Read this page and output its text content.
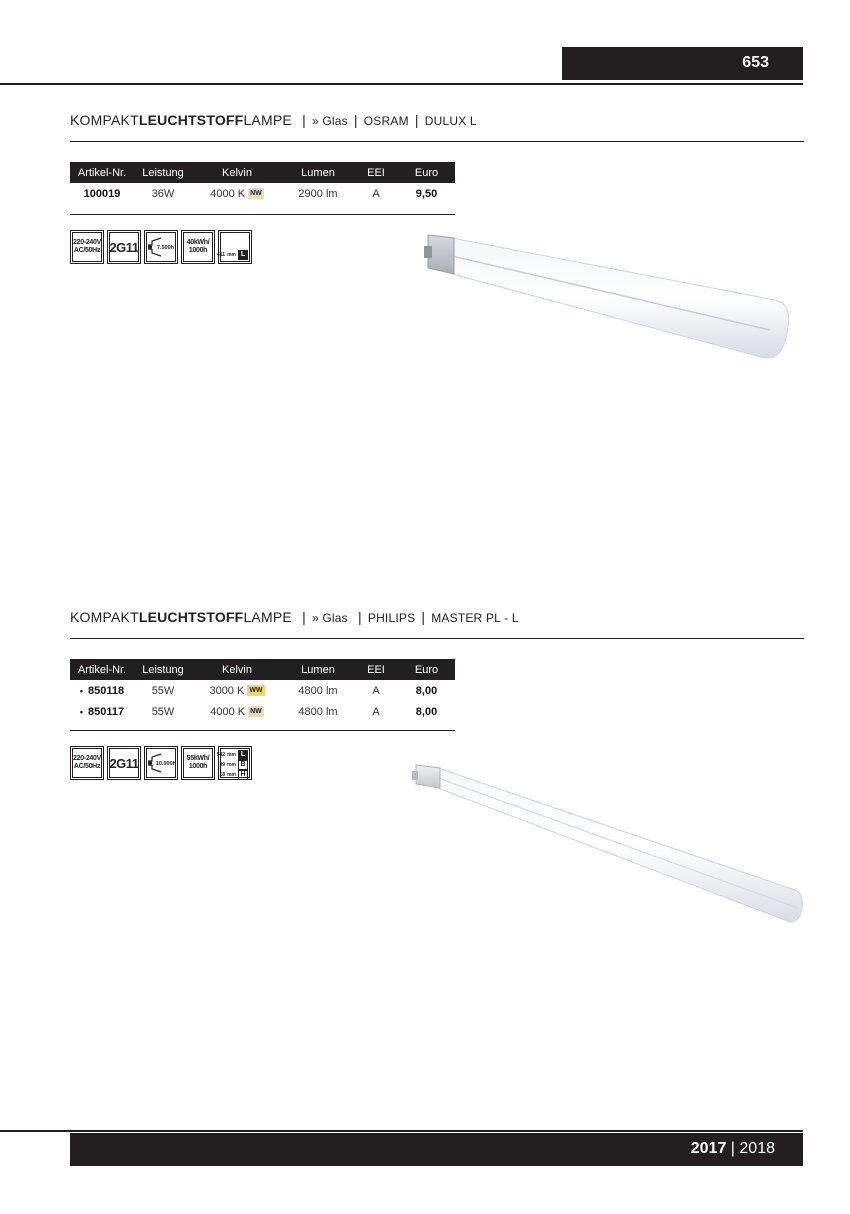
653
KOMPAKTLEUCHTSTOFFLAMPE  | » Glas | OSRAM | DULUX L
Artikel-Nr.	Leistung	Kelvin	Lumen	EEI	Euro
100019	36W	4000 K NW	2900 lm	A	9,50
220-240V
AC/50Hz 2G11	7.500h
40kWh/
1000h
411 mm L
KOMPAKTLEUCHTSTOFFLAMPE  | » Glas  | PHILIPS | MASTER PL - L
Artikel-Nr.	Leistung	Kelvin	Lumen	EEI	Euro
• 850118	55W	3000 K WW	4800 lm	A	8,00
• 850117	55W	4000 K NW	4800 lm	A	8,00
220-240V
AC/50Hz 2G11	10.000h
55kWh/
1000h
542 mm L
39 mm B
18 mm H
2017 | 2018
